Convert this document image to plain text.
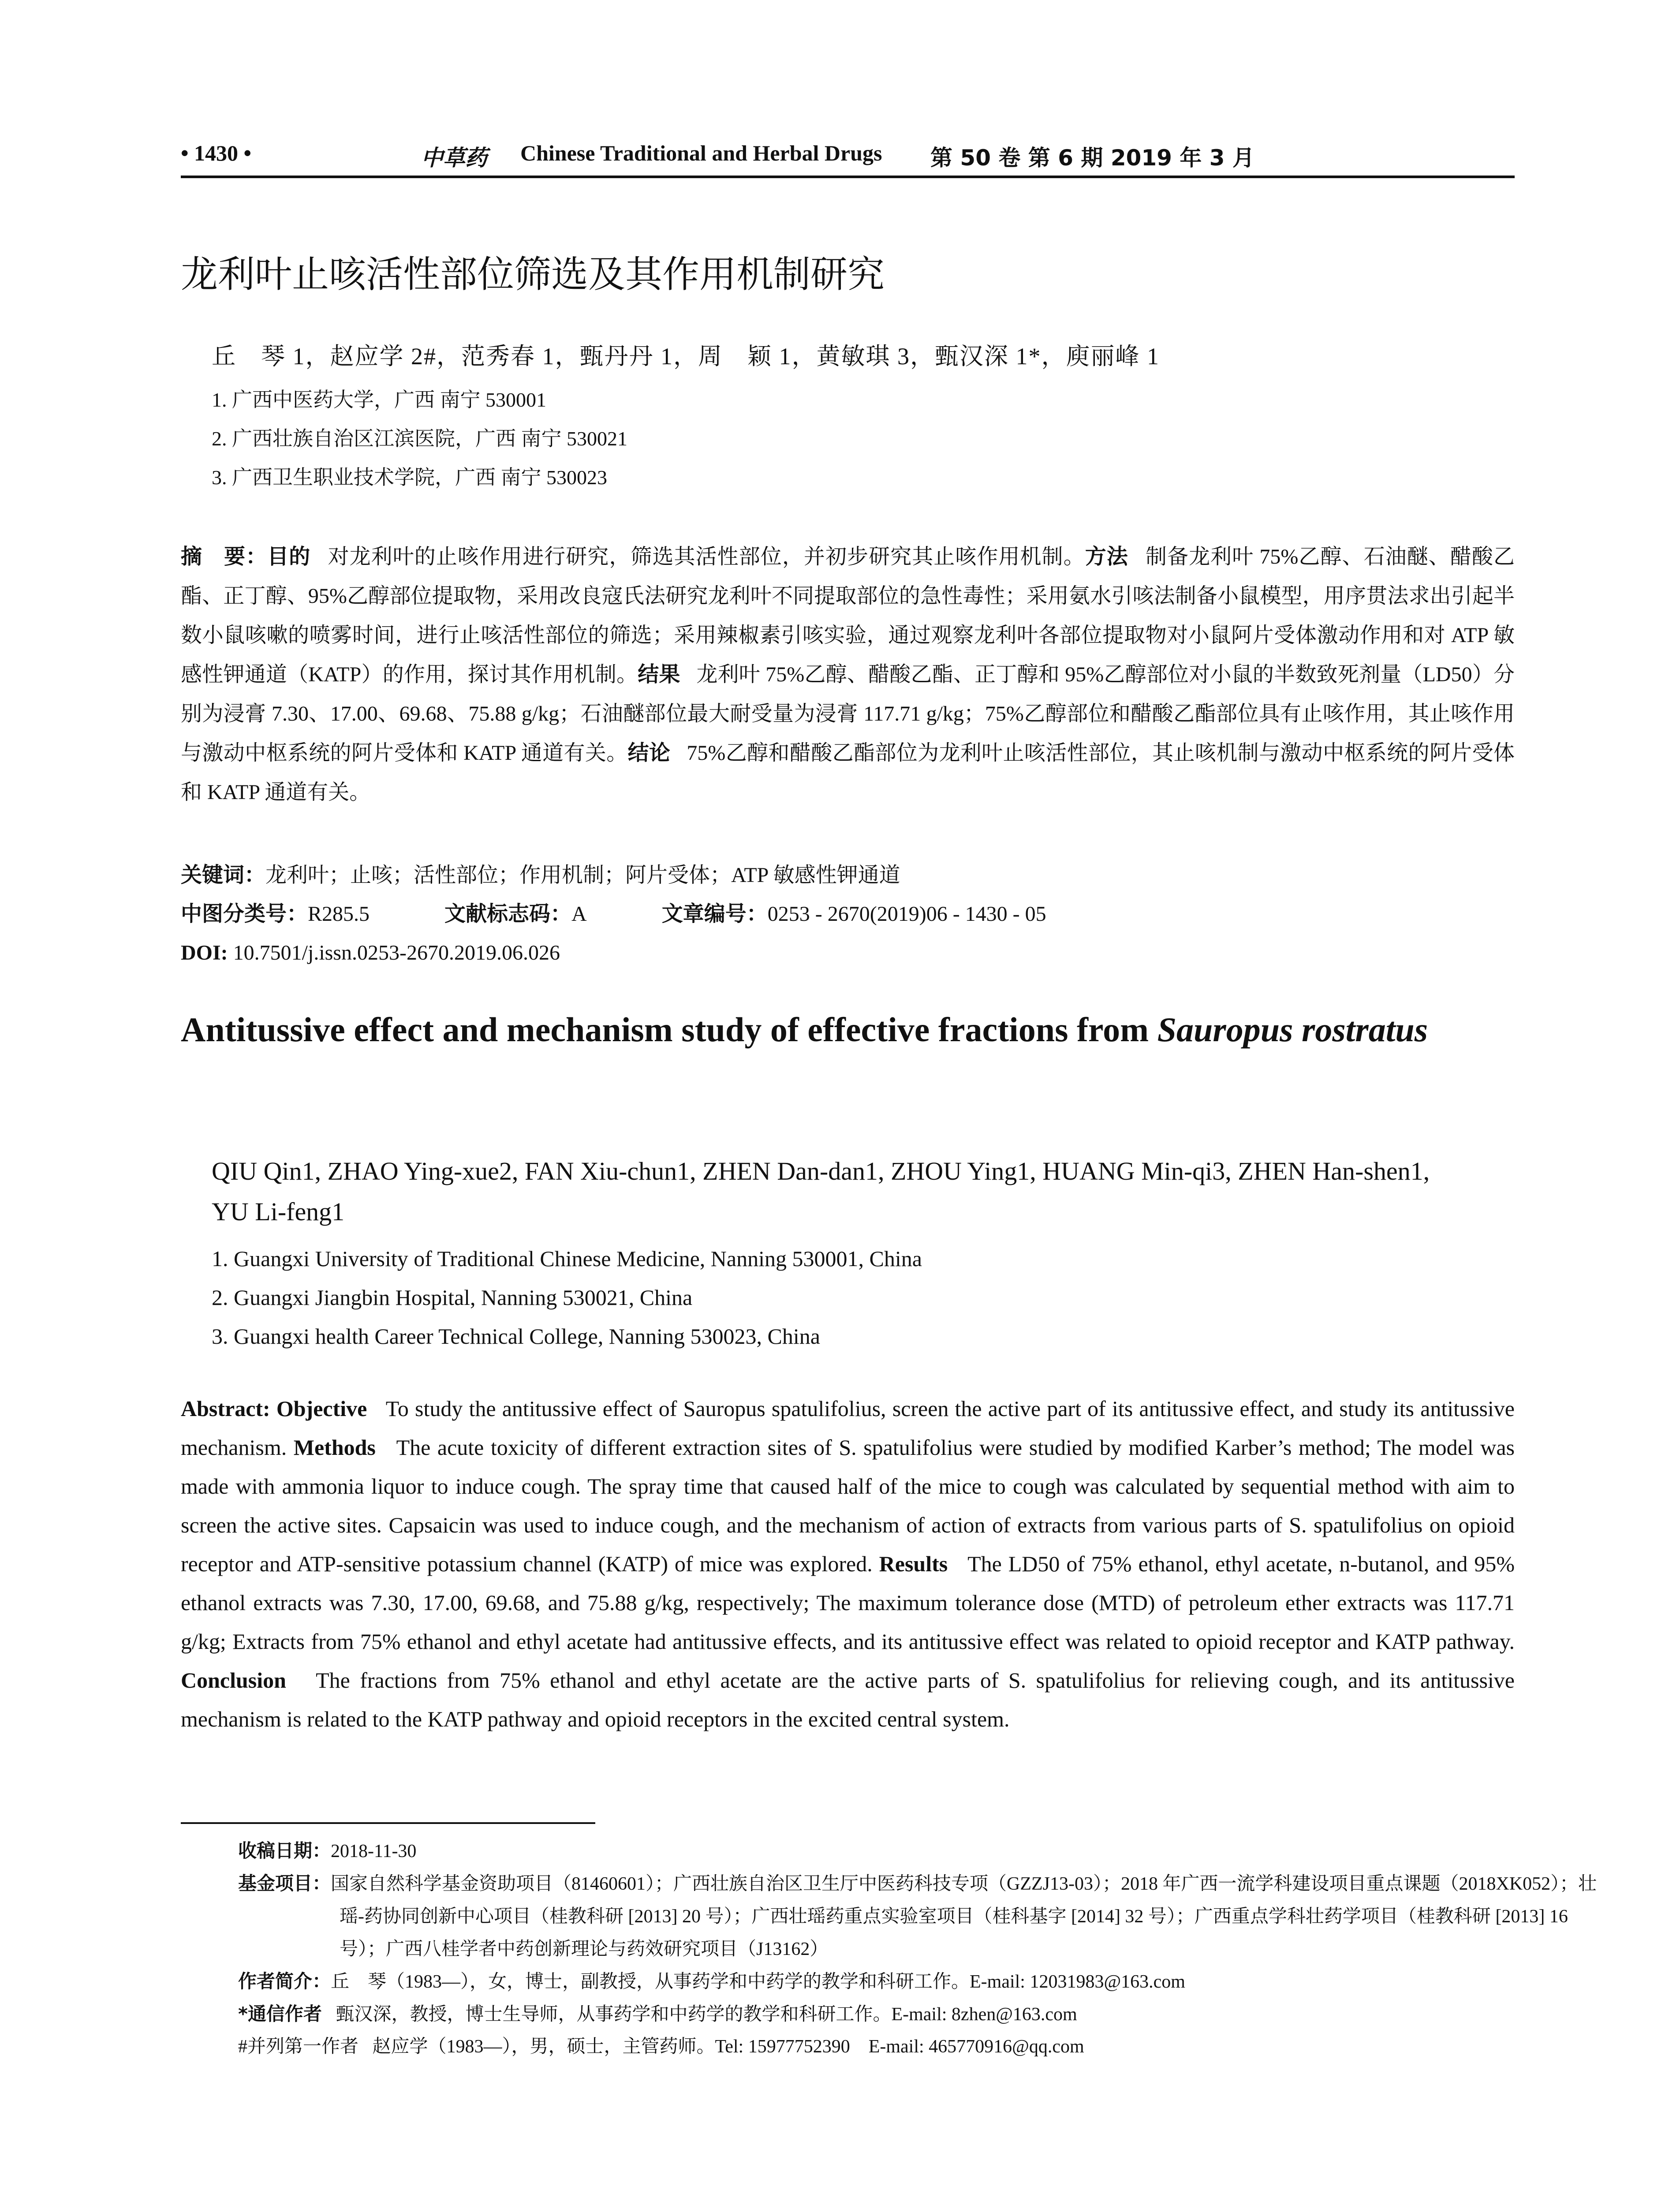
• 1430 •	中草药 Chinese Traditional and Herbal Drugs 第 50 卷 第 6 期 2019 年 3 月
龙利叶止咳活性部位筛选及其作用机制研究
丘　琴 1，赵应学 2#，范秀春 1，甄丹丹 1，周　颖 1，黄敏琪 3，甄汉深 1*，庾丽峰 1
1. 广西中医药大学，广西 南宁 530001
2. 广西壮族自治区江滨医院，广西 南宁 530021
3. 广西卫生职业技术学院，广西 南宁 530023
摘　要：目的 对龙利叶的止咳作用进行研究，筛选其活性部位，并初步研究其止咳作用机制。方法 制备龙利叶 75%乙醇、石油醚、醋酸乙酯、正丁醇、95%乙醇部位提取物，采用改良寇氏法研究龙利叶不同提取部位的急性毒性；采用氨水引咳法制备小鼠模型，用序贯法求出引起半数小鼠咳嗽的喷雾时间，进行止咳活性部位的筛选；采用辣椒素引咳实验，通过观察龙利叶各部位提取物对小鼠阿片受体激动作用和对 ATP 敏感性钾通道（KATP）的作用，探讨其作用机制。结果 龙利叶 75%乙醇、醋酸乙酯、正丁醇和 95%乙醇部位对小鼠的半数致死剂量（LD50）分别为浸膏 7.30、17.00、69.68、75.88 g/kg；石油醚部位最大耐受量为浸膏 117.71 g/kg；75%乙醇部位和醋酸乙酯部位具有止咳作用，其止咳作用与激动中枢系统的阿片受体和 KATP 通道有关。结论 75%乙醇和醋酸乙酯部位为龙利叶止咳活性部位，其止咳机制与激动中枢系统的阿片受体和 KATP 通道有关。
关键词：龙利叶；止咳；活性部位；作用机制；阿片受体；ATP 敏感性钾通道
中图分类号：R285.5	文献标志码：A	文章编号：0253 - 2670(2019)06 - 1430 - 05
DOI: 10.7501/j.issn.0253-2670.2019.06.026
Antitussive effect and mechanism study of effective fractions from Sauropus rostratus
QIU Qin1, ZHAO Ying-xue2, FAN Xiu-chun1, ZHEN Dan-dan1, ZHOU Ying1, HUANG Min-qi3, ZHEN Han-shen1, YU Li-feng1
1. Guangxi University of Traditional Chinese Medicine, Nanning 530001, China
2. Guangxi Jiangbin Hospital, Nanning 530021, China
3. Guangxi health Career Technical College, Nanning 530023, China
Abstract: Objective To study the antitussive effect of Sauropus spatulifolius, screen the active part of its antitussive effect, and study its antitussive mechanism. Methods The acute toxicity of different extraction sites of S. spatulifolius were studied by modified Karber’s method; The model was made with ammonia liquor to induce cough. The spray time that caused half of the mice to cough was calculated by sequential method with aim to screen the active sites. Capsaicin was used to induce cough, and the mechanism of action of extracts from various parts of S. spatulifolius on opioid receptor and ATP-sensitive potassium channel (KATP) of mice was explored. Results The LD50 of 75% ethanol, ethyl acetate, n-butanol, and 95% ethanol extracts was 7.30, 17.00, 69.68, and 75.88 g/kg, respectively; The maximum tolerance dose (MTD) of petroleum ether extracts was 117.71 g/kg; Extracts from 75% ethanol and ethyl acetate had antitussive effects, and its antitussive effect was related to opioid receptor and KATP pathway. Conclusion The fractions from 75% ethanol and ethyl acetate are the active parts of S. spatulifolius for relieving cough, and its antitussive mechanism is related to the KATP pathway and opioid receptors in the excited central system.
收稿日期：2018-11-30
基金项目：国家自然科学基金资助项目（81460601）；广西壮族自治区卫生厅中医药科技专项（GZZJ13-03）；2018 年广西一流学科建设项目重点课题（2018XK052）；壮瑶-药协同创新中心项目（桂教科研 [2013] 20 号）；广西壮瑶药重点实验室项目（桂科基字 [2014] 32 号）；广西重点学科壮药学项目（桂教科研 [2013] 16 号）；广西八桂学者中药创新理论与药效研究项目（J13162）
作者简介：丘　琴（1983—），女，博士，副教授，从事药学和中药学的教学和科研工作。E-mail: 12031983@163.com
*通信作者 甄汉深，教授，博士生导师，从事药学和中药学的教学和科研工作。E-mail: 8zhen@163.com
#并列第一作者 赵应学（1983—），男，硕士，主管药师。Tel: 15977752390　E-mail: 465770916@qq.com
